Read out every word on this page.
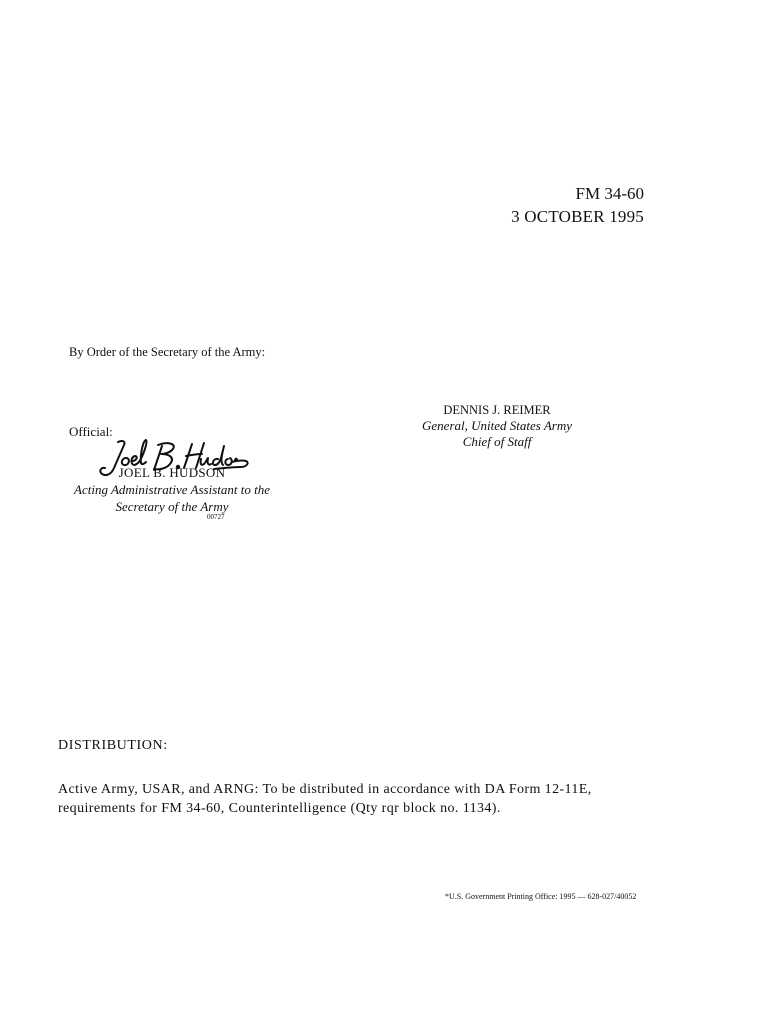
FM 34-60
3 OCTOBER 1995
By Order of the Secretary of the Army:
DENNIS J. REIMER
General, United States Army
Chief of Staff
Official:
JOEL B. HUDSON
Acting Administrative Assistant to the
Secretary of the Army
00727
DISTRIBUTION:
Active Army, USAR, and ARNG: To be distributed in accordance with DA Form 12-11E,
requirements for FM 34-60, Counterintelligence (Qty rqr block no. 1134).
*U.S. Government Printing Office: 1995 — 628-027/40052
